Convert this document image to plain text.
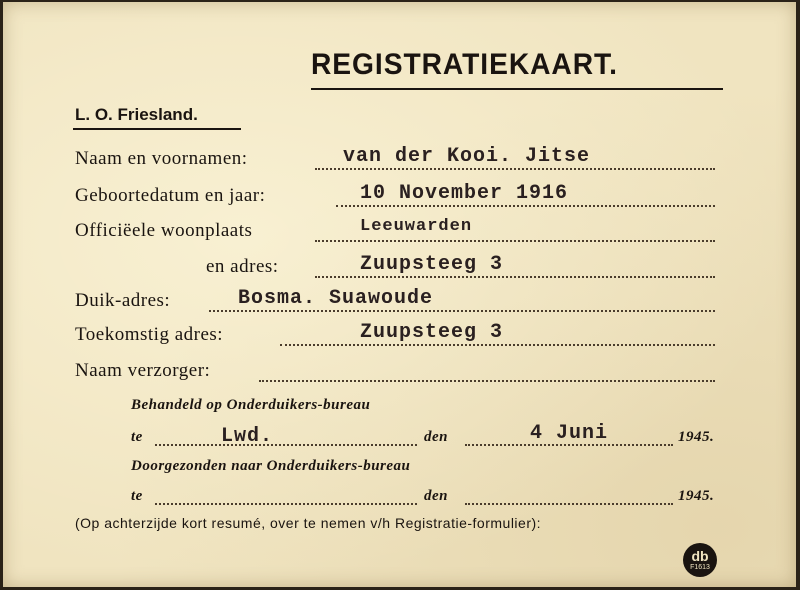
REGISTRATIEKAART.
L. O. Friesland.
Naam en voornamen:	van der Kooi. Jitse
Geboortedatum en jaar:	10 November 1916
Officiëele woonplaats	Leeuwarden
en adres:	Zuupsteeg 3
Duik-adres:	Bosma. Suawoude
Toekomstig adres:	Zuupsteeg 3
Naam verzorger:
Behandeld op Onderduikers-bureau
te	Lwd.	den	4 Juni	1945.
Doorgezonden naar Onderduikers-bureau
te	den	1945.
(Op achterzijde kort resumé, over te nemen v/h Registratie-formulier):
db
F1613
